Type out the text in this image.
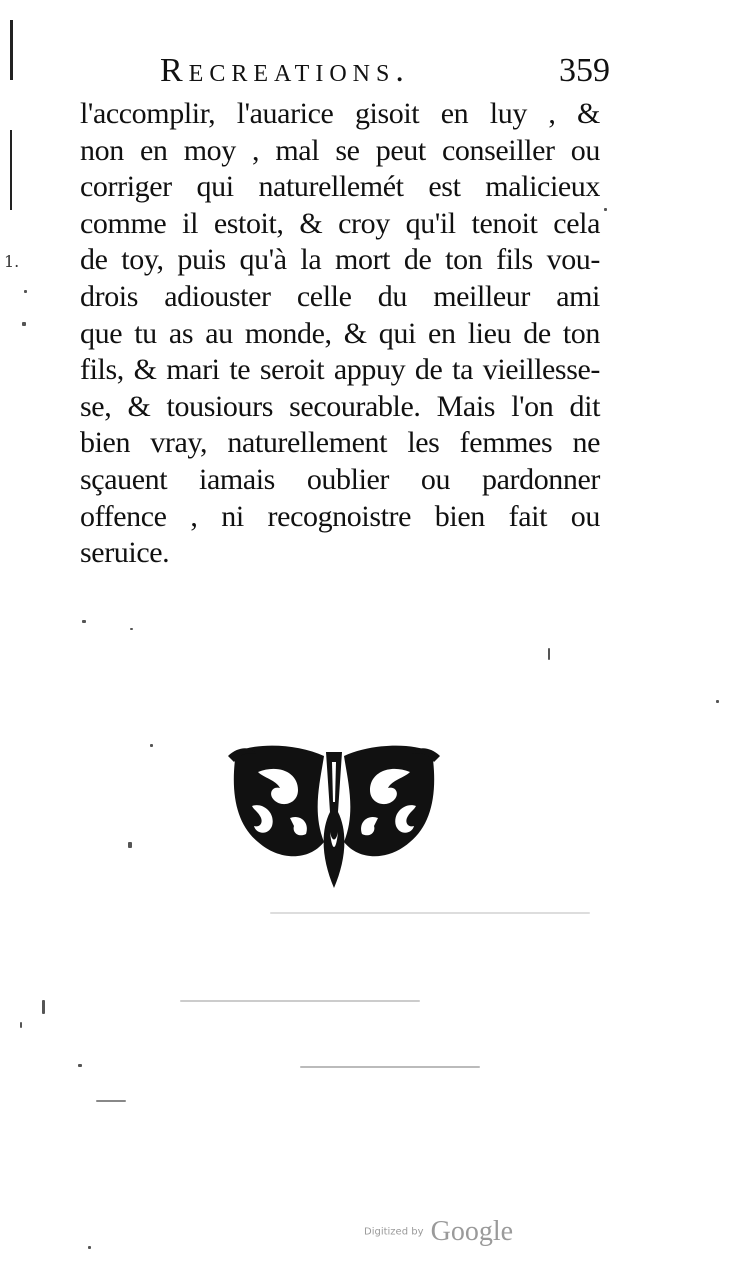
Recreations.	359
1.
l'accomplir, l'auarice gisoit en luy , &
non en moy , mal se peut conseiller ou
corriger qui naturellemét est malicieux
comme il estoit, & croy qu'il tenoit cela
de toy, puis qu'à la mort de ton fils vou-
drois adiouster celle du meilleur ami
que tu as au monde, & qui en lieu de ton
fils, & mari te seroit appuy de ta vieillesse-
se, & tousiours secourable. Mais l'on dit
bien vray, naturellement les femmes ne
sçauent iamais oublier ou pardonner
offence , ni recognoistre bien fait ou
seruice.
Digitized by Google
